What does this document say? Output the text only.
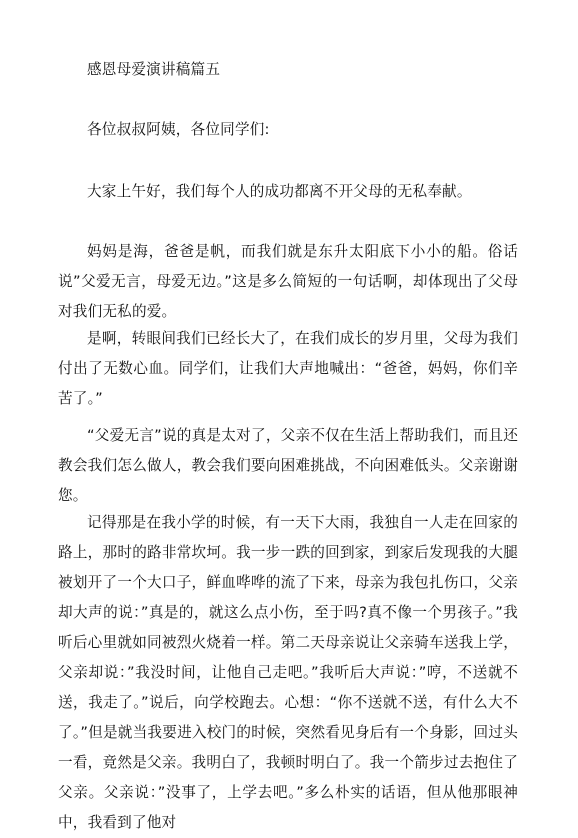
感恩母爱演讲稿篇五

各位叔叔阿姨，各位同学们:

大家上午好，我们每个人的成功都离不开父母的无私奉献。

妈妈是海，爸爸是帆，而我们就是东升太阳底下小小的船。俗话说”父爱无言，母爱无边。”这是多么简短的一句话啊，却体现出了父母对我们无私的爱。

是啊，转眼间我们已经长大了，在我们成长的岁月里，父母为我们付出了无数心血。同学们，让我们大声地喊出：“爸爸，妈妈，你们辛苦了。”

“父爱无言”说的真是太对了，父亲不仅在生活上帮助我们，而且还教会我们怎么做人，教会我们要向困难挑战，不向困难低头。父亲谢谢您。

记得那是在我小学的时候，有一天下大雨，我独自一人走在回家的路上，那时的路非常坎坷。我一步一跌的回到家，到家后发现我的大腿被划开了一个大口子，鲜血哗哗的流了下来，母亲为我包扎伤口，父亲却大声的说：”真是的，就这么点小伤，至于吗?真不像一个男孩子。”我听后心里就如同被烈火烧着一样。第二天母亲说让父亲骑车送我上学，父亲却说：”我没时间，让他自己走吧。”我听后大声说：”哼，不送就不送，我走了。”说后，向学校跑去。心想：“你不送就不送，有什么大不了。”但是就当我要进入校门的时候，突然看见身后有一个身影，回过头一看，竟然是父亲。我明白了，我顿时明白了。我一个箭步过去抱住了父亲。父亲说：”没事了，上学去吧。”多么朴实的话语，但从他那眼神中，我看到了他对
